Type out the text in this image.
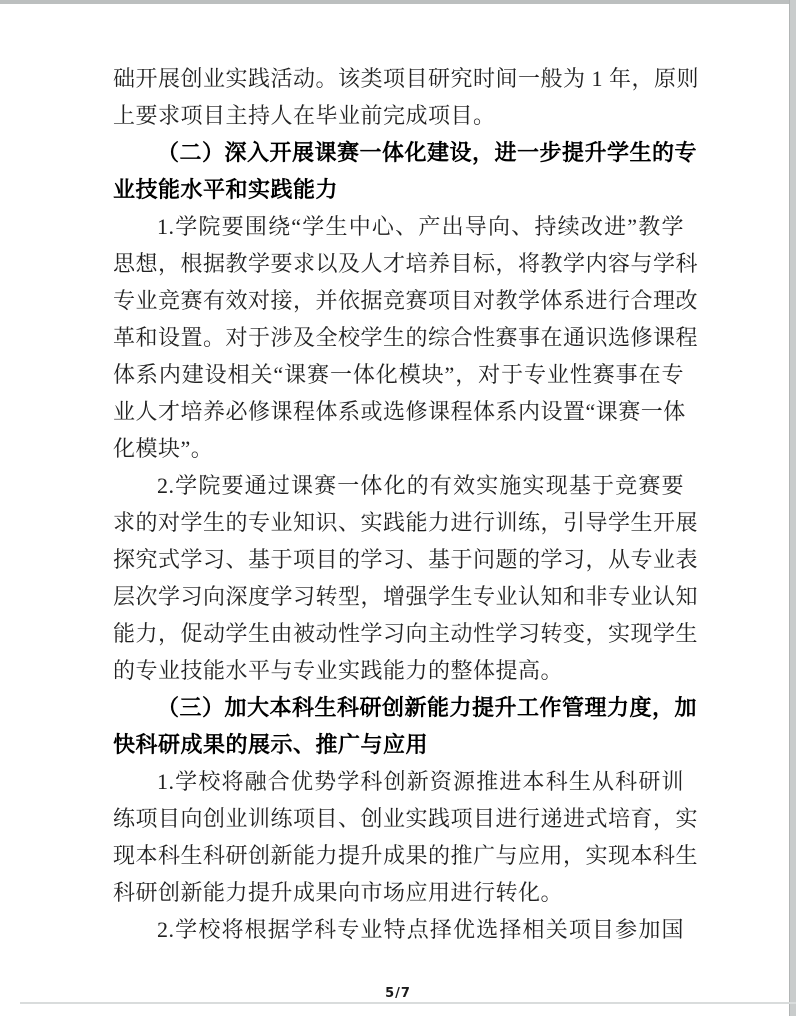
础开展创业实践活动。该类项目研究时间一般为 1 年，原则
上要求项目主持人在毕业前完成项目。
（二）深入开展课赛一体化建设，进一步提升学生的专
业技能水平和实践能力
1.学院要围绕“学生中心、产出导向、持续改进”教学
思想，根据教学要求以及人才培养目标，将教学内容与学科
专业竞赛有效对接，并依据竞赛项目对教学体系进行合理改
革和设置。对于涉及全校学生的综合性赛事在通识选修课程
体系内建设相关“课赛一体化模块”，对于专业性赛事在专
业人才培养必修课程体系或选修课程体系内设置“课赛一体
化模块”。
2.学院要通过课赛一体化的有效实施实现基于竞赛要
求的对学生的专业知识、实践能力进行训练，引导学生开展
探究式学习、基于项目的学习、基于问题的学习，从专业表
层次学习向深度学习转型，增强学生专业认知和非专业认知
能力，促动学生由被动性学习向主动性学习转变，实现学生
的专业技能水平与专业实践能力的整体提高。
（三）加大本科生科研创新能力提升工作管理力度，加
快科研成果的展示、推广与应用
1.学校将融合优势学科创新资源推进本科生从科研训
练项目向创业训练项目、创业实践项目进行递进式培育，实
现本科生科研创新能力提升成果的推广与应用，实现本科生
科研创新能力提升成果向市场应用进行转化。
2.学校将根据学科专业特点择优选择相关项目参加国
5/7
